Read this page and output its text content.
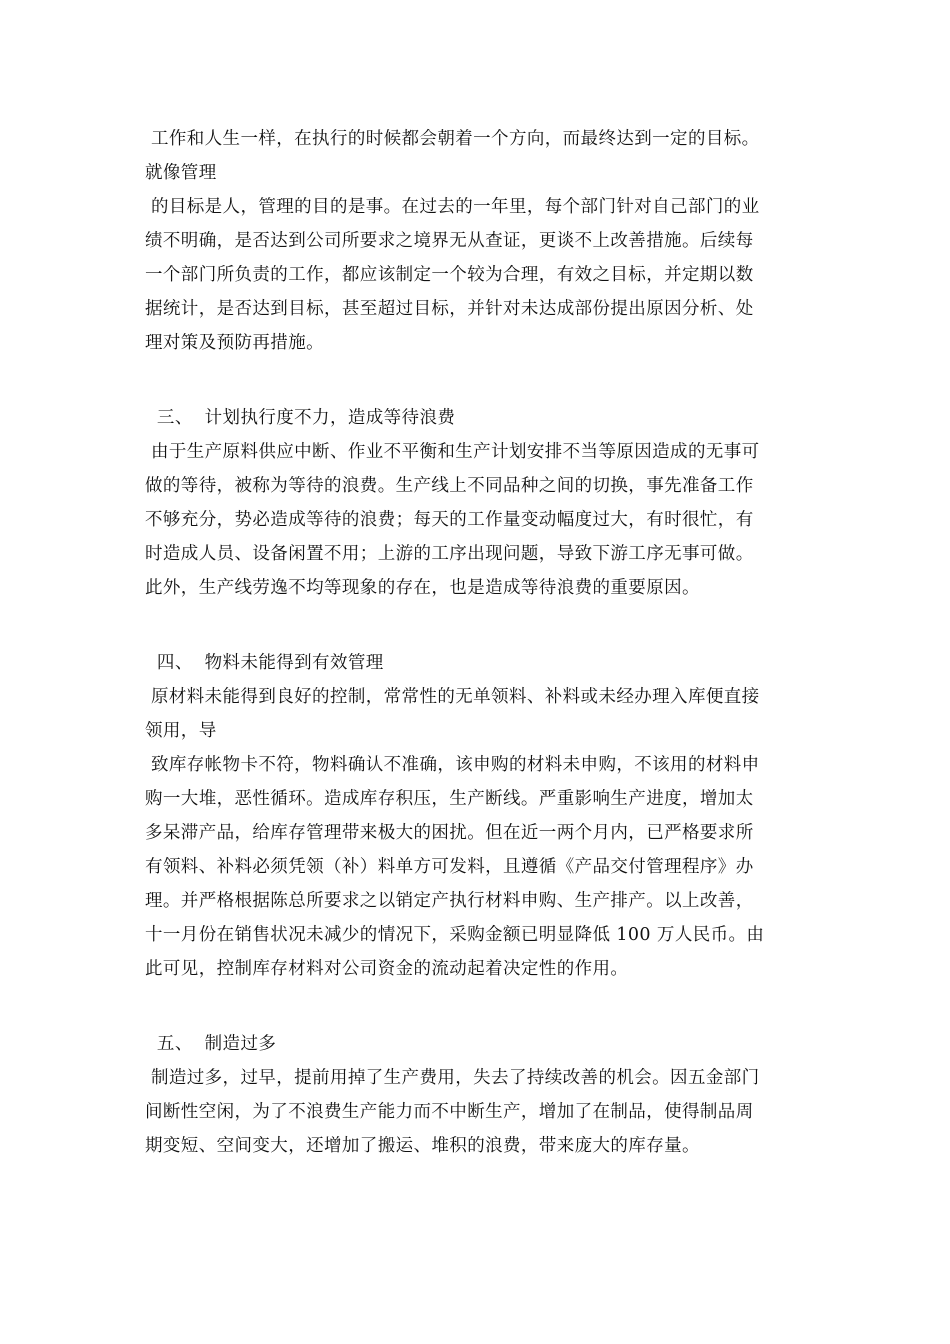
工作和人生一样，在执行的时候都会朝着一个方向，而最终达到一定的目标。
就像管理
的目标是人，管理的目的是事。在过去的一年里，每个部门针对自己部门的业
绩不明确，是否达到公司所要求之境界无从查证，更谈不上改善措施。后续每
一个部门所负责的工作，都应该制定一个较为合理，有效之目标，并定期以数
据统计，是否达到目标，甚至超过目标，并针对未达成部份提出原因分析、处
理对策及预防再措施。
三、  计划执行度不力，造成等待浪费
由于生产原料供应中断、作业不平衡和生产计划安排不当等原因造成的无事可
做的等待，被称为等待的浪费。生产线上不同品种之间的切换，事先准备工作
不够充分，势必造成等待的浪费；每天的工作量变动幅度过大，有时很忙，有
时造成人员、设备闲置不用；上游的工序出现问题，导致下游工序无事可做。
此外，生产线劳逸不均等现象的存在，也是造成等待浪费的重要原因。
四、  物料未能得到有效管理
原材料未能得到良好的控制，常常性的无单领料、补料或未经办理入库便直接
领用，导
致库存帐物卡不符，物料确认不准确，该申购的材料未申购，不该用的材料申
购一大堆，恶性循环。造成库存积压，生产断线。严重影响生产进度，增加太
多呆滞产品，给库存管理带来极大的困扰。但在近一两个月内，已严格要求所
有领料、补料必须凭领（补）料单方可发料，且遵循《产品交付管理程序》办
理。并严格根据陈总所要求之以销定产执行材料申购、生产排产。以上改善，
十一月份在销售状况未减少的情况下，采购金额已明显降低 100 万人民币。由
此可见，控制库存材料对公司资金的流动起着决定性的作用。
五、  制造过多
制造过多，过早，提前用掉了生产费用，失去了持续改善的机会。因五金部门
间断性空闲，为了不浪费生产能力而不中断生产，增加了在制品，使得制品周
期变短、空间变大，还增加了搬运、堆积的浪费，带来庞大的库存量。
